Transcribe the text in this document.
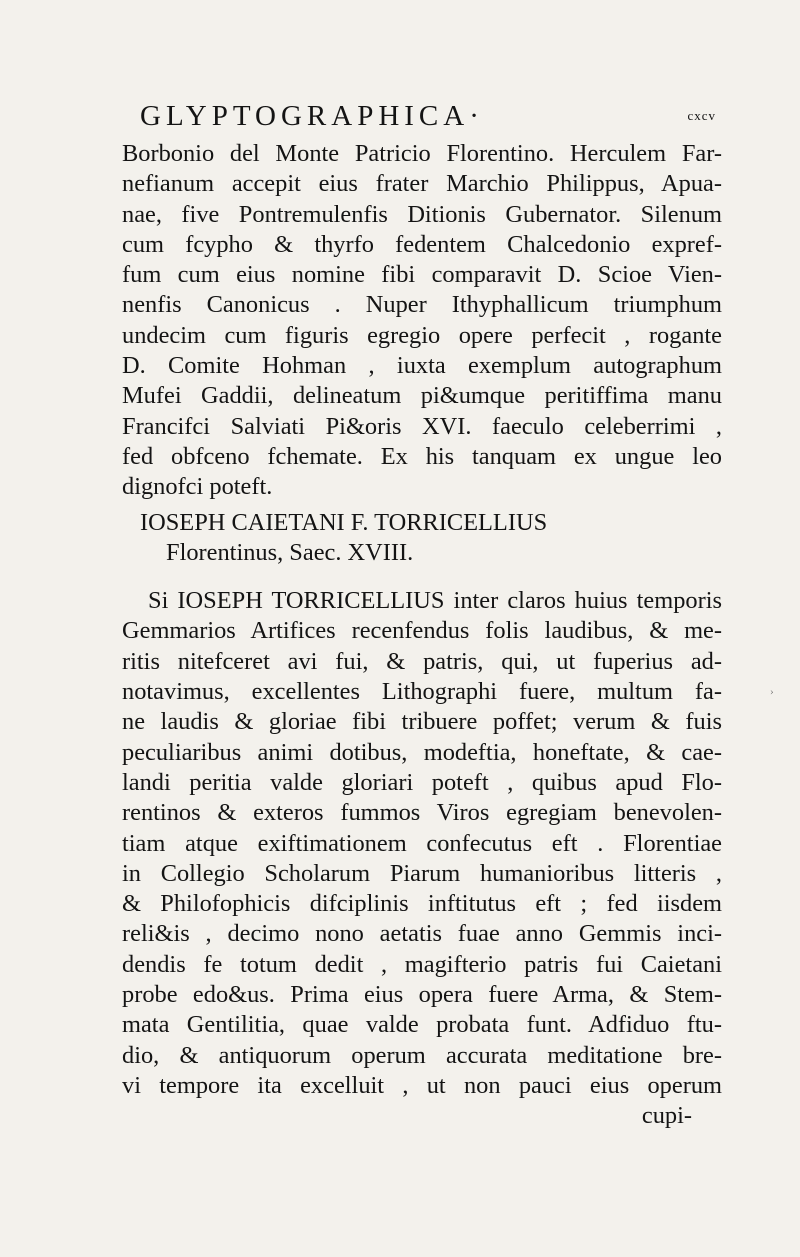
GLYPTOGRAPHICA·	cxcv
Borbonio del Monte Patricio Florentino. Herculem Far-
nefianum accepit eius frater Marchio Philippus, Apua-
nae, five Pontremulenfis Ditionis Gubernator. Silenum
cum fcypho & thyrfo fedentem Chalcedonio expref-
fum cum eius nomine fibi comparavit D. Scioe Vien-
nenfis Canonicus . Nuper Ithyphallicum triumphum
undecim cum figuris egregio opere perfecit , rogante
D. Comite Hohman , iuxta exemplum autographum
Mufei Gaddii, delineatum pi&umque peritiffima manu
Francifci Salviati Pi&oris XVI. faeculo celeberrimi ,
fed obfceno fchemate. Ex his tanquam ex ungue leo
dignofci poteft.
IOSEPH CAIETANI F. TORRICELLIUS
Florentinus, Saec. XVIII.
Si IOSEPH TORRICELLIUS inter claros huius temporis
Gemmarios Artifices recenfendus folis laudibus, & me-
ritis nitefceret avi fui, & patris, qui, ut fuperius ad-
notavimus, excellentes Lithographi fuere, multum fa-
ne laudis & gloriae fibi tribuere poffet; verum & fuis
peculiaribus animi dotibus, modeftia, honeftate, & cae-
landi peritia valde gloriari poteft , quibus apud Flo-
rentinos & exteros fummos Viros egregiam benevolen-
tiam atque exiftimationem confecutus eft . Florentiae
in Collegio Scholarum Piarum humanioribus litteris ,
& Philofophicis difciplinis inftitutus eft ; fed iisdem
reli&is , decimo nono aetatis fuae anno Gemmis inci-
dendis fe totum dedit , magifterio patris fui Caietani
probe edo&us. Prima eius opera fuere Arma, & Stem-
mata Gentilitia, quae valde probata funt. Adfiduo ftu-
dio, & antiquorum operum accurata meditatione bre-
vi tempore ita excelluit , ut non pauci eius operum
cupi-
›
